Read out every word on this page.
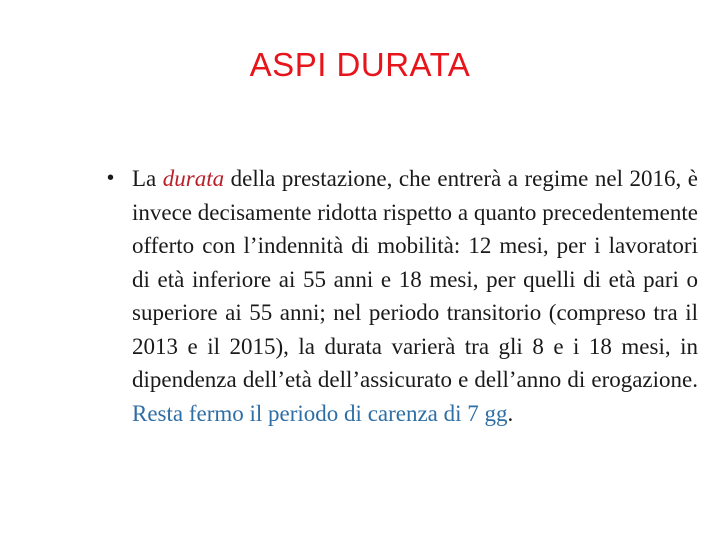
ASPI DURATA
• La durata della prestazione, che entrerà a regime nel 2016, è invece decisamente ridotta rispetto a quanto precedentemente offerto con l’indennità di mobilità: 12 mesi, per i lavoratori di età inferiore ai 55 anni e 18 mesi, per quelli di età pari o superiore ai 55 anni; nel periodo transitorio (compreso tra il 2013 e il 2015), la durata varierà tra gli 8 e i 18 mesi, in dipendenza dell’età dell’assicurato e dell’anno di erogazione. Resta fermo il periodo di carenza di 7 gg.
